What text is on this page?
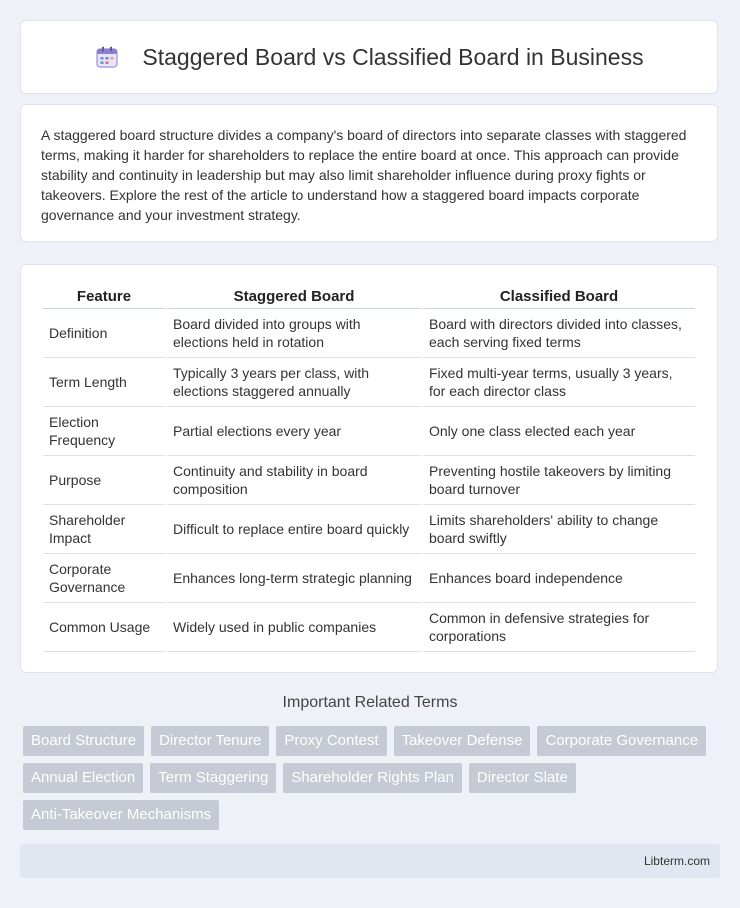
Staggered Board vs Classified Board in Business

A staggered board structure divides a company's board of directors into separate classes with staggered terms, making it harder for shareholders to replace the entire board at once. This approach can provide stability and continuity in leadership but may also limit shareholder influence during proxy fights or takeovers. Explore the rest of the article to understand how a staggered board impacts corporate governance and your investment strategy.

Feature	Staggered Board	Classified Board
Definition	Board divided into groups with elections held in rotation	Board with directors divided into classes, each serving fixed terms
Term Length	Typically 3 years per class, with elections staggered annually	Fixed multi-year terms, usually 3 years, for each director class
Election Frequency	Partial elections every year	Only one class elected each year
Purpose	Continuity and stability in board composition	Preventing hostile takeovers by limiting board turnover
Shareholder Impact	Difficult to replace entire board quickly	Limits shareholders' ability to change board swiftly
Corporate Governance	Enhances long-term strategic planning	Enhances board independence
Common Usage	Widely used in public companies	Common in defensive strategies for corporations
Important Related Terms
Board Structure	Director Tenure	Proxy Contest	Takeover Defense	Corporate Governance
Annual Election	Term Staggering	Shareholder Rights Plan	Director Slate
Anti-Takeover Mechanisms
Libterm.com
